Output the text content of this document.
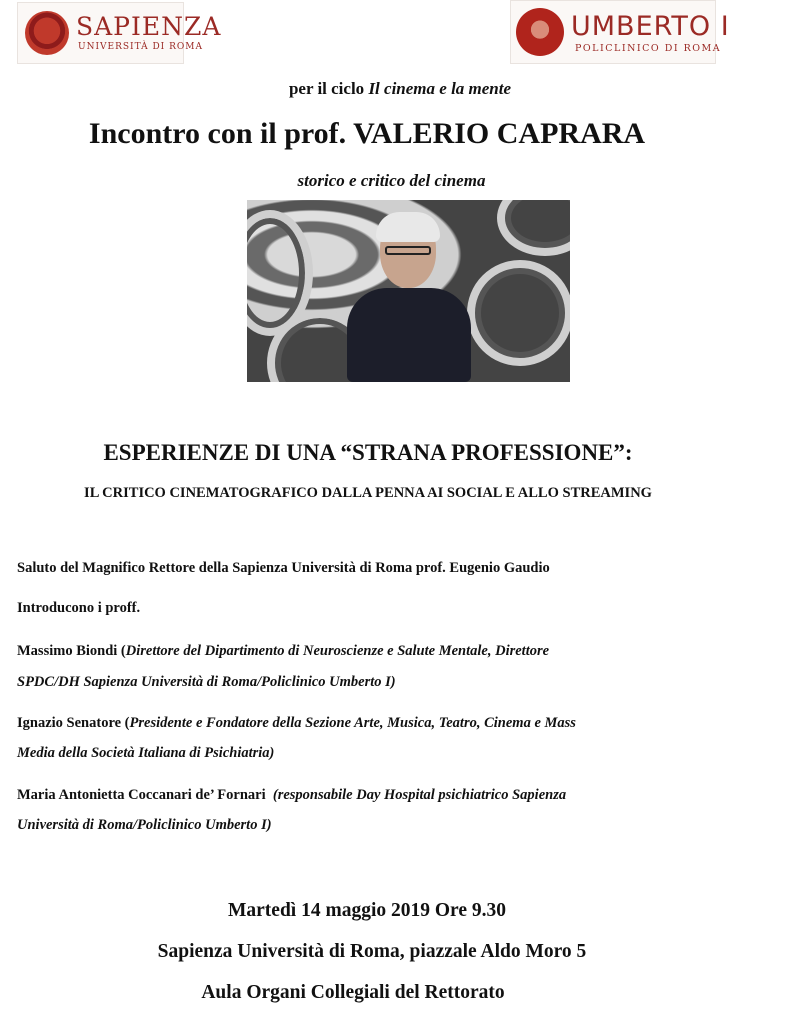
SAPIENZA
UNIVERSITÀ DI ROMA
UMBERTO I
POLICLINICO DI ROMA
per il ciclo Il cinema e la mente
Incontro con il prof. VALERIO CAPRARA
storico e critico del cinema
ESPERIENZE DI UNA “STRANA PROFESSIONE”:
IL CRITICO CINEMATOGRAFICO DALLA PENNA AI SOCIAL E ALLO STREAMING
Saluto del Magnifico Rettore della Sapienza Università di Roma prof. Eugenio Gaudio
Introducono i proff.
Massimo Biondi (Direttore del Dipartimento di Neuroscienze e Salute Mentale, Direttore
SPDC/DH Sapienza Università di Roma/Policlinico Umberto I)
Ignazio Senatore (Presidente e Fondatore della Sezione Arte, Musica, Teatro, Cinema e Mass
Media della Società Italiana di Psichiatria)
Maria Antonietta Coccanari de’ Fornari  (responsabile Day Hospital psichiatrico Sapienza
Università di Roma/Policlinico Umberto I)
Martedì 14 maggio 2019 Ore 9.30
Sapienza Università di Roma, piazzale Aldo Moro 5
Aula Organi Collegiali del Rettorato
